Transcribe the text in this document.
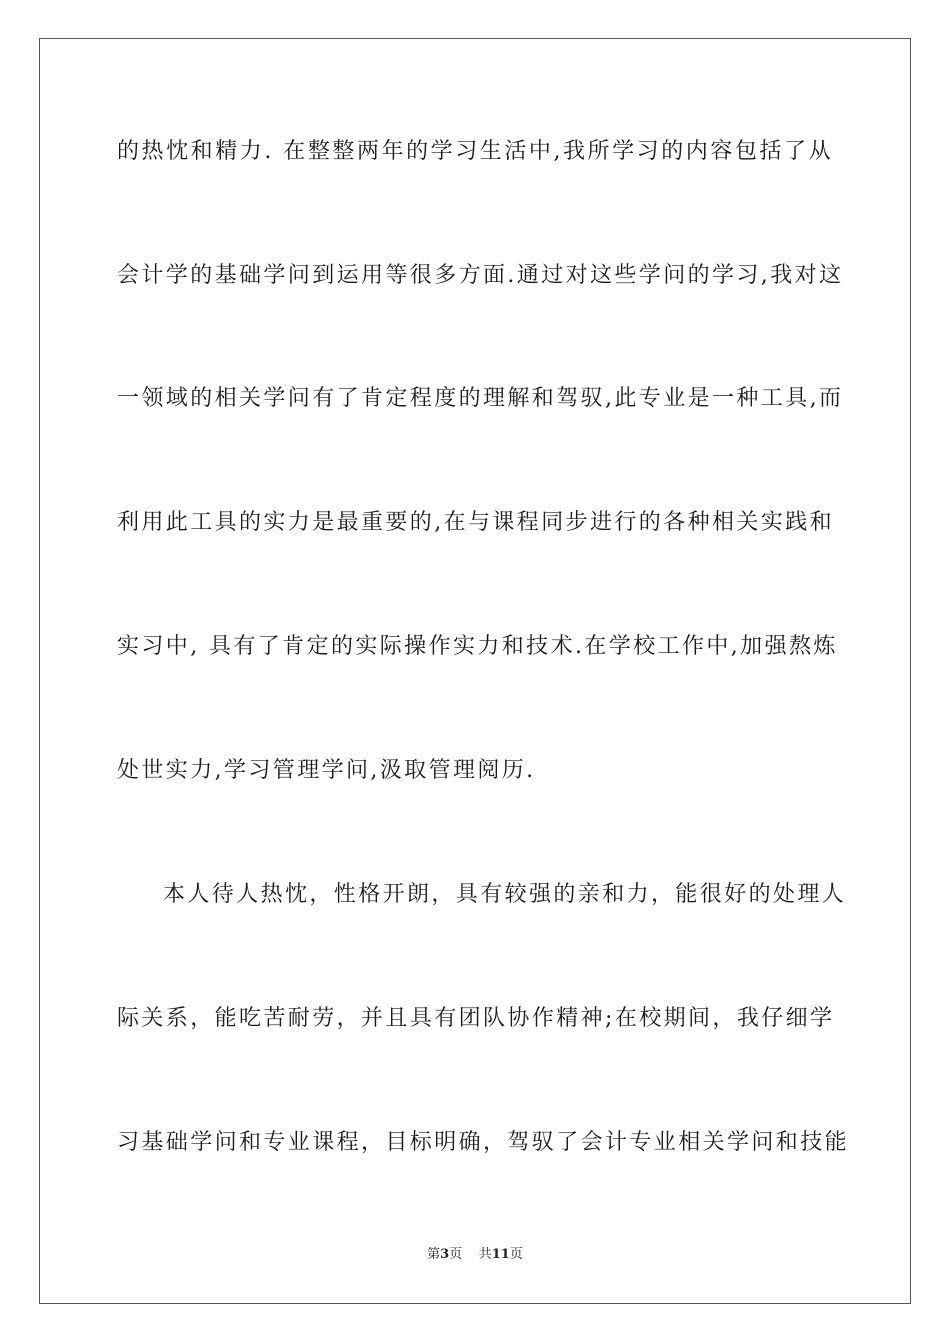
的热忱和精力. 在整整两年的学习生活中,我所学习的内容包括了从
会计学的基础学问到运用等很多方面.通过对这些学问的学习,我对这
一领域的相关学问有了肯定程度的理解和驾驭,此专业是一种工具,而
利用此工具的实力是最重要的,在与课程同步进行的各种相关实践和
实习中, 具有了肯定的实际操作实力和技术.在学校工作中,加强熬炼
处世实力,学习管理学问,汲取管理阅历.
本人待人热忱，性格开朗，具有较强的亲和力，能很好的处理人
际关系，能吃苦耐劳，并且具有团队协作精神;在校期间，我仔细学
习基础学问和专业课程，目标明确，驾驭了会计专业相关学问和技能
第3页 共11页
